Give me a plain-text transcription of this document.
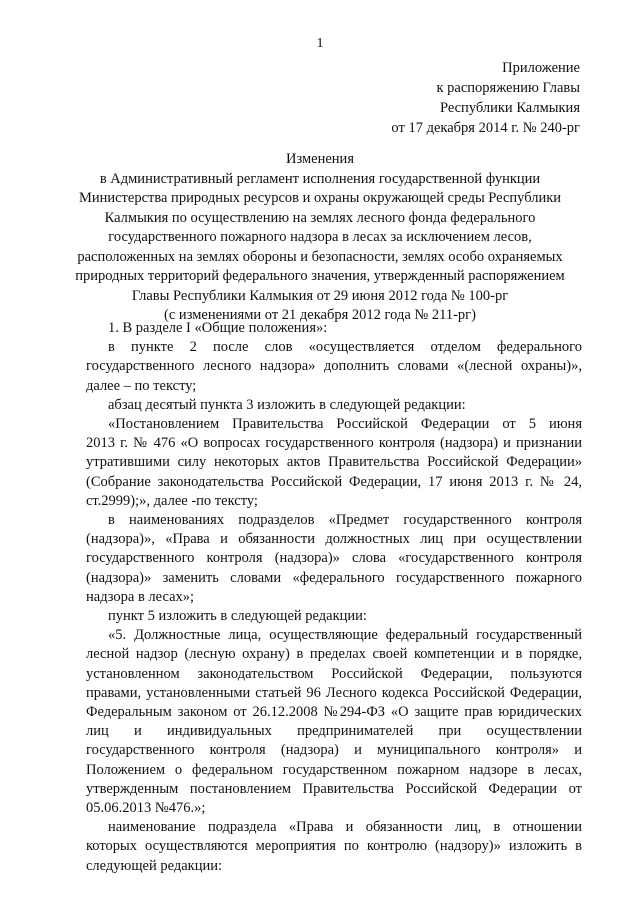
1
Приложение
к распоряжению Главы
Республики Калмыкия
от 17 декабря 2014 г. № 240-рг
Изменения
в Административный регламент исполнения государственной функции
Министерства природных ресурсов и охраны окружающей среды Республики
Калмыкия по осуществлению на землях лесного фонда федерального
государственного пожарного надзора в лесах за исключением лесов,
расположенных на землях обороны и безопасности, землях особо охраняемых
природных территорий федерального значения, утвержденный распоряжением
Главы Республики Калмыкия от 29 июня 2012 года № 100-рг
(с изменениями от 21 декабря 2012 года № 211-рг)
1. В разделе I «Общие положения»:
в пункте 2 после слов «осуществляется отделом федерального
государственного лесного надзора» дополнить словами «(лесной охраны)»,
далее – по тексту;
абзац десятый пункта 3 изложить в следующей редакции:
«Постановлением Правительства Российской Федерации от 5 июня
2013 г. № 476 «О вопросах государственного контроля (надзора) и признании
утратившими силу некоторых актов Правительства Российской Федерации»
(Собрание законодательства Российской Федерации, 17 июня 2013 г. № 24,
ст.2999);», далее -по тексту;
в наименованиях подразделов «Предмет государственного контроля
(надзора)», «Права и обязанности должностных лиц при осуществлении
государственного контроля (надзора)» слова «государственного контроля
(надзора)» заменить словами «федерального государственного пожарного
надзора в лесах»;
пункт 5 изложить в следующей редакции:
«5. Должностные лица, осуществляющие федеральный государственный
лесной надзор (лесную охрану) в пределах своей компетенции и в порядке,
установленном законодательством Российской Федерации, пользуются
правами, установленными статьей 96 Лесного кодекса Российской Федерации,
Федеральным законом от 26.12.2008 №294-ФЗ «О защите прав юридических
лиц и индивидуальных предпринимателей при осуществлении
государственного контроля (надзора) и муниципального контроля» и
Положением о федеральном государственном пожарном надзоре в лесах,
утвержденным постановлением Правительства Российской Федерации от
05.06.2013 №476.»;
наименование подраздела «Права и обязанности лиц, в отношении
которых осуществляются мероприятия по контролю (надзору)» изложить в
следующей редакции:
